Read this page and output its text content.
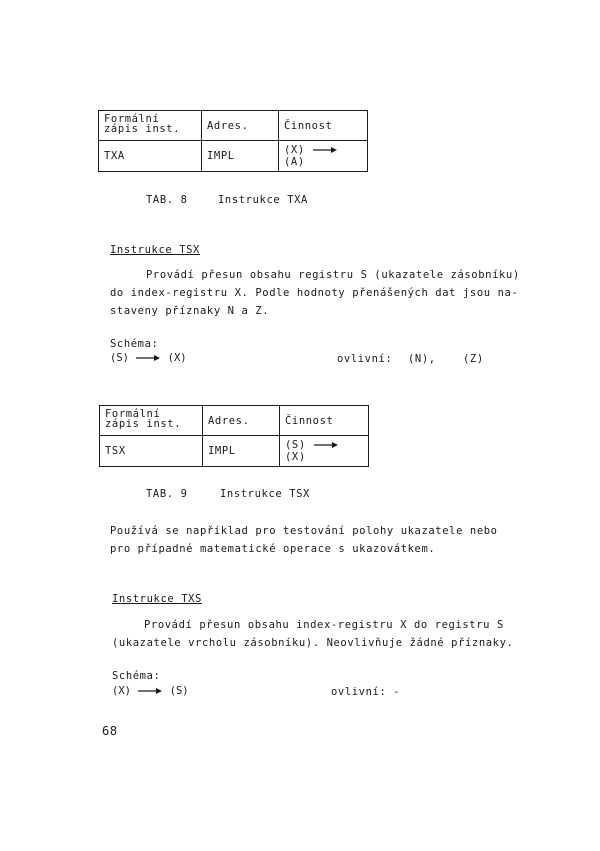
Formální
zápis inst.	Adres.	Činnost
TXA	IMPL	(X)  (A)
TAB. 8	Instrukce TXA
Instrukce TSX
Provádí přesun obsahu registru S (ukazatele zásobníku)
do index-registru X. Podle hodnoty přenášených dat jsou na-
staveny příznaky N a Z.
Schéma:
(S)	(X)	ovlivní: (N),	(Z)
Formální
zápis inst.	Adres.	Činnost
TSX	IMPL	(S)  (X)
TAB. 9	Instrukce TSX
Používá se například pro testování polohy ukazatele nebo
pro případné matematické operace s ukazovátkem.
Instrukce TXS
Provádí přesun obsahu index-registru X do registru S
(ukazatele vrcholu zásobníku). Neovlivňuje žádné příznaky.
Schéma:
(X)	(S)	ovlivní: -
68
